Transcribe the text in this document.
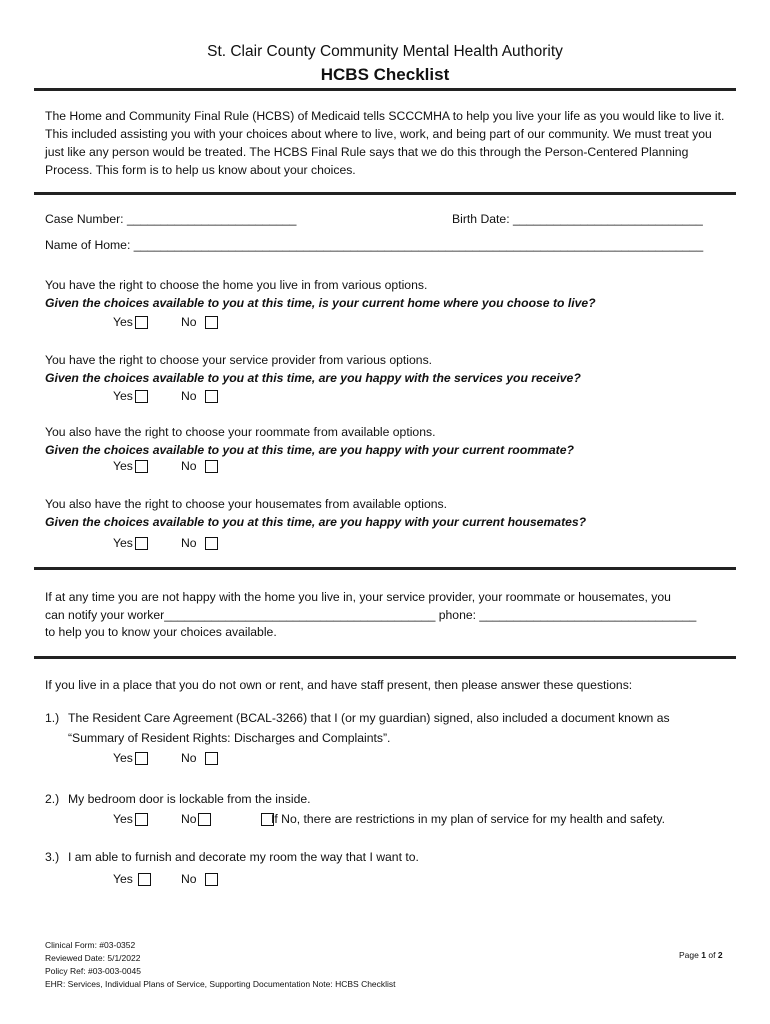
St. Clair County Community Mental Health Authority
HCBS Checklist
The Home and Community Final Rule (HCBS) of Medicaid tells SCCCMHA to help you live your life as you would like to live it. This included assisting you with your choices about where to live, work, and being part of our community. We must treat you just like any person would be treated. The HCBS Final Rule says that we do this through the Person-Centered Planning Process. This form is to help us know about your choices.
Case Number: _________________________	Birth Date: ____________________________
Name of Home: ____________________________________________________________________________________
You have the right to choose the home you live in from various options.
Given the choices available to you at this time, is your current home where you choose to live?
Yes	No
You have the right to choose your service provider from various options.
Given the choices available to you at this time, are you happy with the services you receive?
Yes	No
You also have the right to choose your roommate from available options.
Given the choices available to you at this time, are you happy with your current roommate?
Yes	No
You also have the right to choose your housemates from available options.
Given the choices available to you at this time, are you happy with your current housemates?
Yes	No
If at any time you are not happy with the home you live in, your service provider, your roommate or housemates, you
can notify your worker________________________________________ phone: ________________________________
to help you to know your choices available.
If you live in a place that you do not own or rent, and have staff present, then please answer these questions:
1.) The Resident Care Agreement (BCAL-3266) that I (or my guardian) signed, also included a document known as
“Summary of Resident Rights: Discharges and Complaints”.
Yes	No
2.) My bedroom door is lockable from the inside.
Yes	No	If No, there are restrictions in my plan of service for my health and safety.
3.) I am able to furnish and decorate my room the way that I want to.
Yes	No
Clinical Form: #03-0352
Reviewed Date: 5/1/2022
Policy Ref: #03-003-0045
EHR: Services, Individual Plans of Service, Supporting Documentation Note: HCBS Checklist
Page 1 of 2
